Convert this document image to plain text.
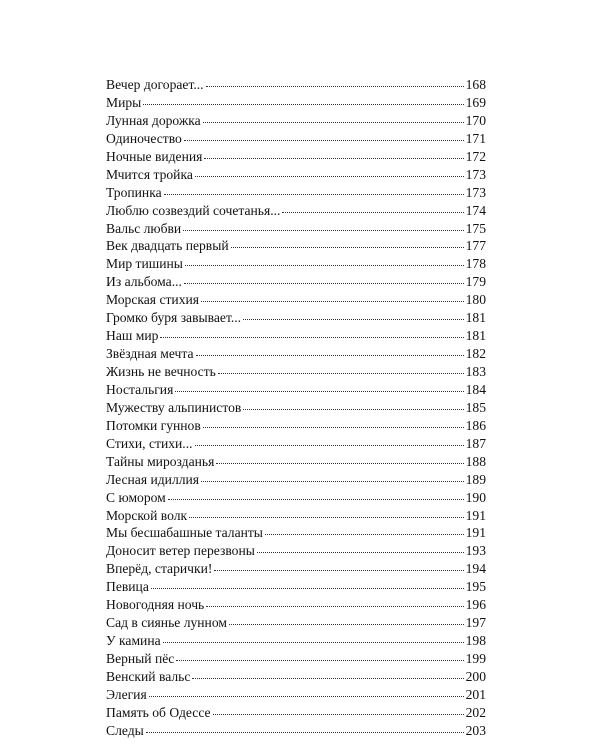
Вечер догорает...	168
Миры	169
Лунная дорожка	170
Одиночество	171
Ночные видения	172
Мчится тройка	173
Тропинка	173
Люблю созвездий сочетанья...	174
Вальс любви	175
Век двадцать первый	177
Мир тишины	178
Из альбома...	179
Морская стихия	180
Громко буря завывает...	181
Наш мир	181
Звёздная мечта	182
Жизнь не вечность	183
Ностальгия	184
Мужеству альпинистов	185
Потомки гуннов	186
Стихи, стихи...	187
Тайны мирозданья	188
Лесная идиллия	189
С юмором	190
Морской волк	191
Мы бесшабашные таланты	191
Доносит ветер перезвоны	193
Вперёд, старички!	194
Певица	195
Новогодняя ночь	196
Сад в сиянье лунном	197
У камина	198
Верный пёс	199
Венский вальс	200
Элегия	201
Память об Одессе	202
Следы	203
